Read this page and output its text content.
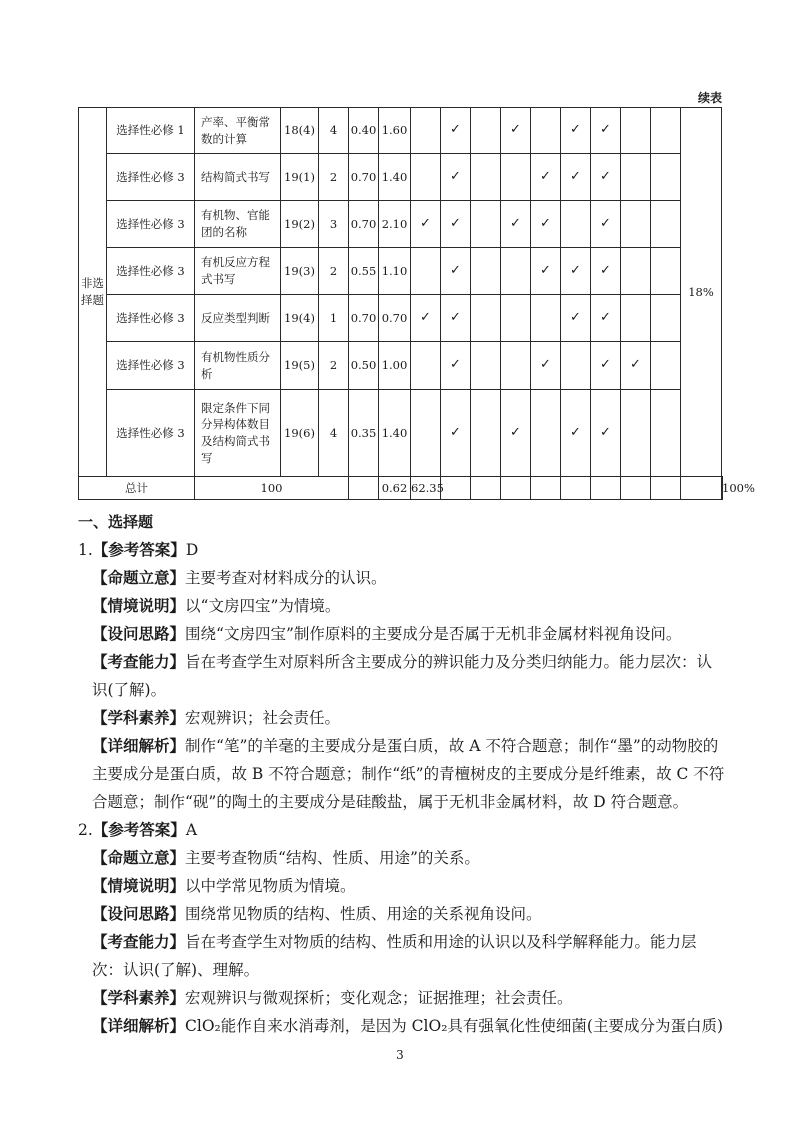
续表
非选
择题	选择性必修 1	产率、平衡常数的计算	18(4)	4	0.40	1.60		✓		✓		✓	✓			18%	
	选择性必修 3	结构简式书写	19(1)	2	0.70	1.40		✓			✓	✓	✓				
	选择性必修 3	有机物、官能团的名称	19(2)	3	0.70	2.10	✓	✓		✓	✓		✓				
	选择性必修 3	有机反应方程式书写	19(3)	2	0.55	1.10		✓			✓	✓	✓				
	选择性必修 3	反应类型判断	19(4)	1	0.70	0.70	✓	✓				✓	✓				
	选择性必修 3	有机物性质分析	19(5)	2	0.50	1.00		✓			✓		✓	✓			
	选择性必修 3	限定条件下同分异构体数目及结构简式书写	19(6)	4	0.35	1.40		✓		✓		✓	✓				
总计		100				0.62	62.35										100%
一、选择题
1.【参考答案】D
【命题立意】主要考查对材料成分的认识。
【情境说明】以“文房四宝”为情境。
【设问思路】围绕“文房四宝”制作原料的主要成分是否属于无机非金属材料视角设问。
【考查能力】旨在考查学生对原料所含主要成分的辨识能力及分类归纳能力。能力层次：认识(了解)。
【学科素养】宏观辨识；社会责任。
【详细解析】制作“笔”的羊毫的主要成分是蛋白质，故 A 不符合题意；制作“墨”的动物胶的主要成分是蛋白质，故 B 不符合题意；制作“纸”的青檀树皮的主要成分是纤维素，故 C 不符合题意；制作“砚”的陶土的主要成分是硅酸盐，属于无机非金属材料，故 D 符合题意。
2.【参考答案】A
【命题立意】主要考查物质“结构、性质、用途”的关系。
【情境说明】以中学常见物质为情境。
【设问思路】围绕常见物质的结构、性质、用途的关系视角设问。
【考查能力】旨在考查学生对物质的结构、性质和用途的认识以及科学解释能力。能力层次：认识(了解)、理解。
【学科素养】宏观辨识与微观探析；变化观念；证据推理；社会责任。
【详细解析】ClO₂能作自来水消毒剂，是因为 ClO₂具有强氧化性使细菌(主要成分为蛋白质)
3
